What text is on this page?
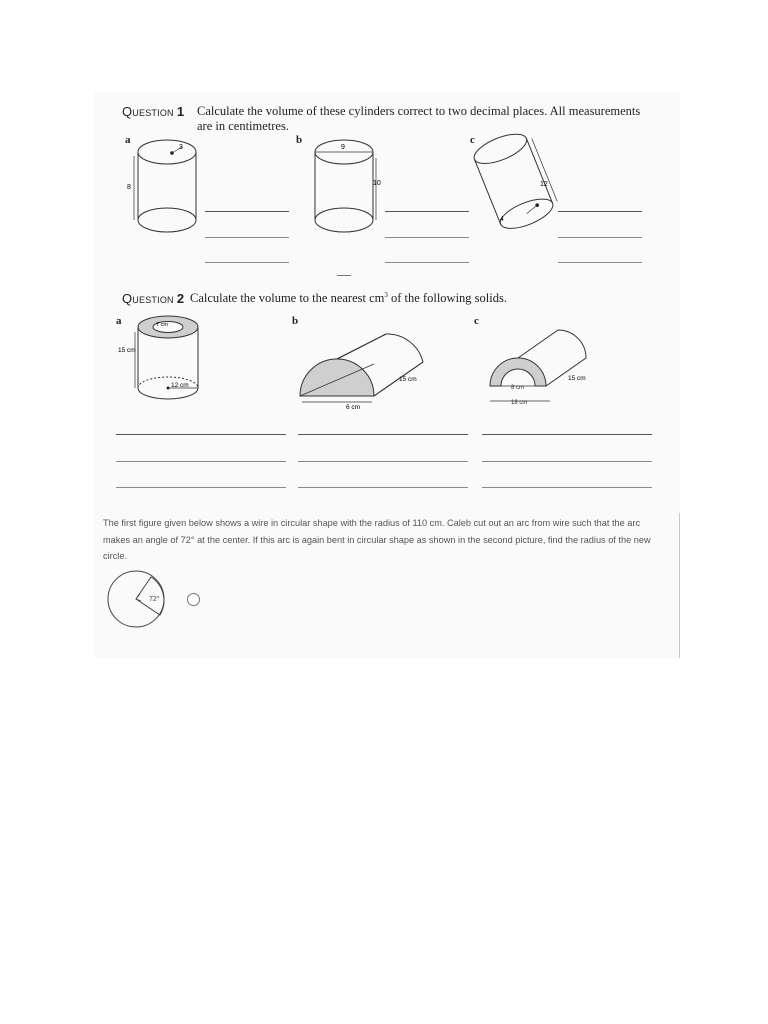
Question 1	Calculate the volume of these cylinders correct to two decimal places. All measurements are in centimetres.
a	b	c
3
8
9
10	12
4
Question 2 Calculate the volume to the nearest $cm^3$ of the following solids.
a	b	c
7 cm
12 cm
15 cm
6 cm
15 cm
8 cm
18 cm
15 cm
The first figure given below shows a wire in circular shape with the radius of 110 cm. Caleb cut out an arc from wire such that the arc makes an angle of 72° at the center. If this arc is again bent in circular shape as shown in the second picture, find the radius of the new circle.
72°
